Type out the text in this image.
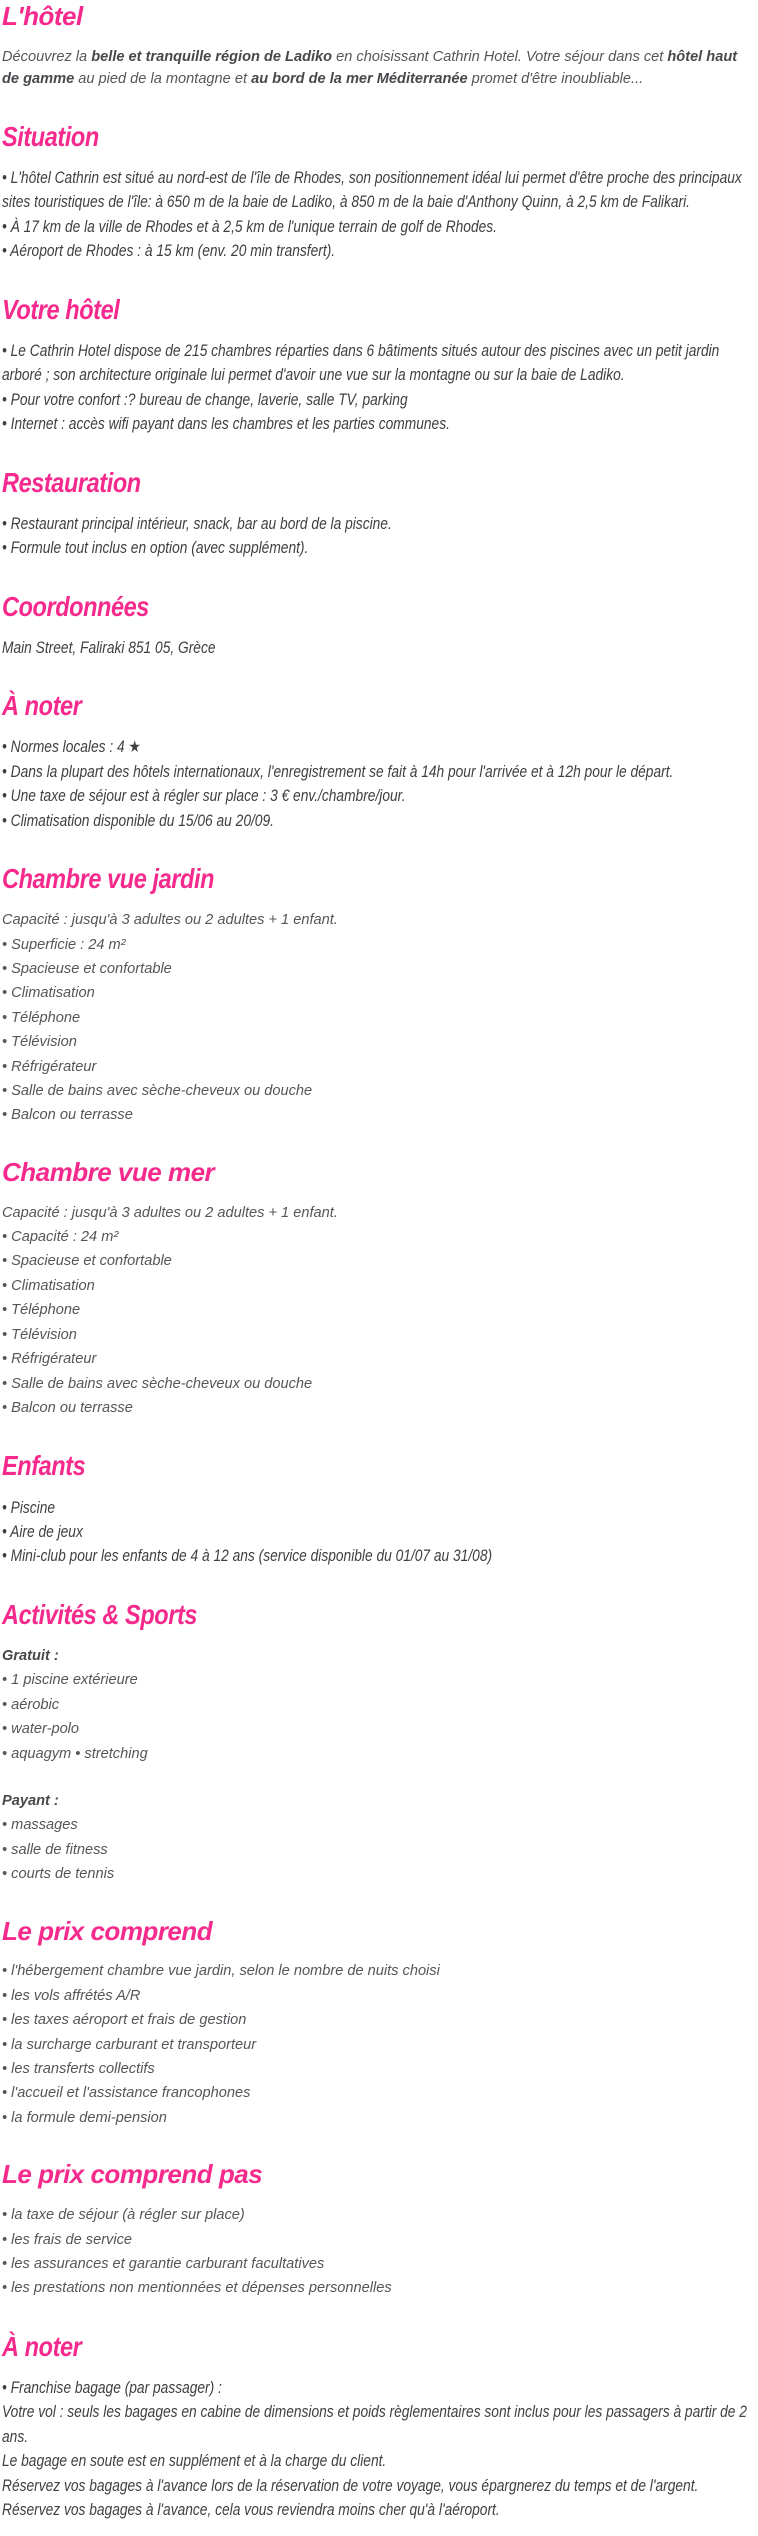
L'hôtel

Découvrez la belle et tranquille région de Ladiko en choisissant Cathrin Hotel. Votre séjour dans cet hôtel haut de gamme au pied de la montagne et au bord de la mer Méditerranée promet d'être inoubliable...

Situation
• L'hôtel Cathrin est situé au nord-est de l'île de Rhodes, son positionnement idéal lui permet d'être proche des principaux sites touristiques de l'île: à 650 m de la baie de Ladiko, à 850 m de la baie d'Anthony Quinn, à 2,5 km de Falikari.
• À 17 km de la ville de Rhodes et à 2,5 km de l'unique terrain de golf de Rhodes.
• Aéroport de Rhodes : à 15 km (env. 20 min transfert).
Votre hôtel
• Le Cathrin Hotel dispose de 215 chambres réparties dans 6 bâtiments situés autour des piscines avec un petit jardin arboré ; son architecture originale lui permet d'avoir une vue sur la montagne ou sur la baie de Ladiko.
• Pour votre confort :? bureau de change, laverie, salle TV, parking
• Internet : accès wifi payant dans les chambres et les parties communes.
Restauration
• Restaurant principal intérieur, snack, bar au bord de la piscine.
• Formule tout inclus en option (avec supplément).
Coordonnées
Main Street, Faliraki 851 05, Grèce
À noter
• Normes locales : 4 ★
• Dans la plupart des hôtels internationaux, l'enregistrement se fait à 14h pour l'arrivée et à 12h pour le départ.
• Une taxe de séjour est à régler sur place : 3 € env./chambre/jour.
• Climatisation disponible du 15/06 au 20/09.
Chambre vue jardin
Capacité : jusqu'à 3 adultes ou 2 adultes + 1 enfant.
• Superficie : 24 m²
• Spacieuse et confortable
• Climatisation
• Téléphone
• Télévision
• Réfrigérateur
• Salle de bains avec sèche-cheveux ou douche
• Balcon ou terrasse
Chambre vue mer
Capacité : jusqu'à 3 adultes ou 2 adultes + 1 enfant.
• Capacité : 24 m²
• Spacieuse et confortable
• Climatisation
• Téléphone
• Télévision
• Réfrigérateur
• Salle de bains avec sèche-cheveux ou douche
• Balcon ou terrasse
Enfants
• Piscine
• Aire de jeux
• Mini-club pour les enfants de 4 à 12 ans (service disponible du 01/07 au 31/08)
Activités & Sports

Gratuit :

• 1 piscine extérieure
• aérobic
• water-polo
• aquagym • stretching

Payant :

• massages
• salle de fitness
• courts de tennis
Le prix comprend
• l'hébergement chambre vue jardin, selon le nombre de nuits choisi
• les vols affrétés A/R
• les taxes aéroport et frais de gestion
• la surcharge carburant et transporteur
• les transferts collectifs
• l'accueil et l'assistance francophones
• la formule demi-pension
Le prix comprend pas
• la taxe de séjour (à régler sur place)
• les frais de service
• les assurances et garantie carburant facultatives
• les prestations non mentionnées et dépenses personnelles
À noter
• Franchise bagage (par passager) :
Votre vol : seuls les bagages en cabine de dimensions et poids règlementaires sont inclus pour les passagers à partir de 2 ans.
Le bagage en soute est en supplément et à la charge du client.
Réservez vos bagages à l'avance lors de la réservation de votre voyage, vous épargnerez du temps et de l'argent.
Réservez vos bagages à l'avance, cela vous reviendra moins cher qu'à l'aéroport.
